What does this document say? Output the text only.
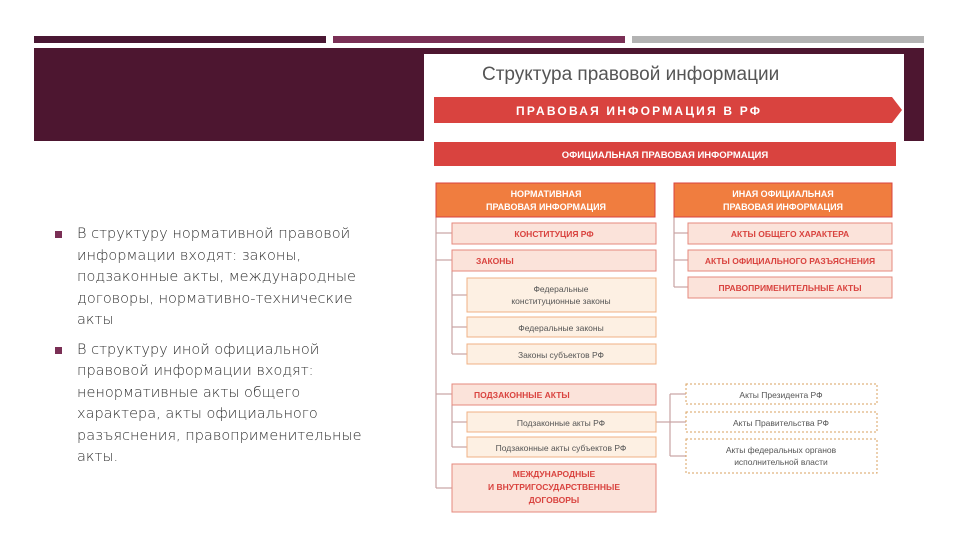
В структуру нормативной правовой информации входят: законы, подзаконные акты, международные договоры, нормативно-технические акты
В структуру иной официальной правовой информации входят: ненормативные акты общего характера, акты официального разъяснения, правоприменительные акты.
Структура правовой информации
ПРАВОВАЯ ИНФОРМАЦИЯ В РФ
ОФИЦИАЛЬНАЯ ПРАВОВАЯ ИНФОРМАЦИЯ
НОРМАТИВНАЯ
ПРАВОВАЯ ИНФОРМАЦИЯ
ИНАЯ ОФИЦИАЛЬНАЯ
ПРАВОВАЯ ИНФОРМАЦИЯ
КОНСТИТУЦИЯ РФ
ЗАКОНЫ
Федеральные
конституционные законы
Федеральные законы
Законы субъектов РФ
ПОДЗАКОННЫЕ АКТЫ
Подзаконные акты РФ
Подзаконные акты субъектов РФ
МЕЖДУНАРОДНЫЕ
И ВНУТРИГОСУДАРСТВЕННЫЕ
ДОГОВОРЫ
АКТЫ ОБЩЕГО ХАРАКТЕРА
АКТЫ ОФИЦИАЛЬНОГО РАЗЪЯСНЕНИЯ
ПРАВОПРИМЕНИТЕЛЬНЫЕ АКТЫ
Акты Президента РФ
Акты Правительства РФ
Акты федеральных органов
исполнительной власти
